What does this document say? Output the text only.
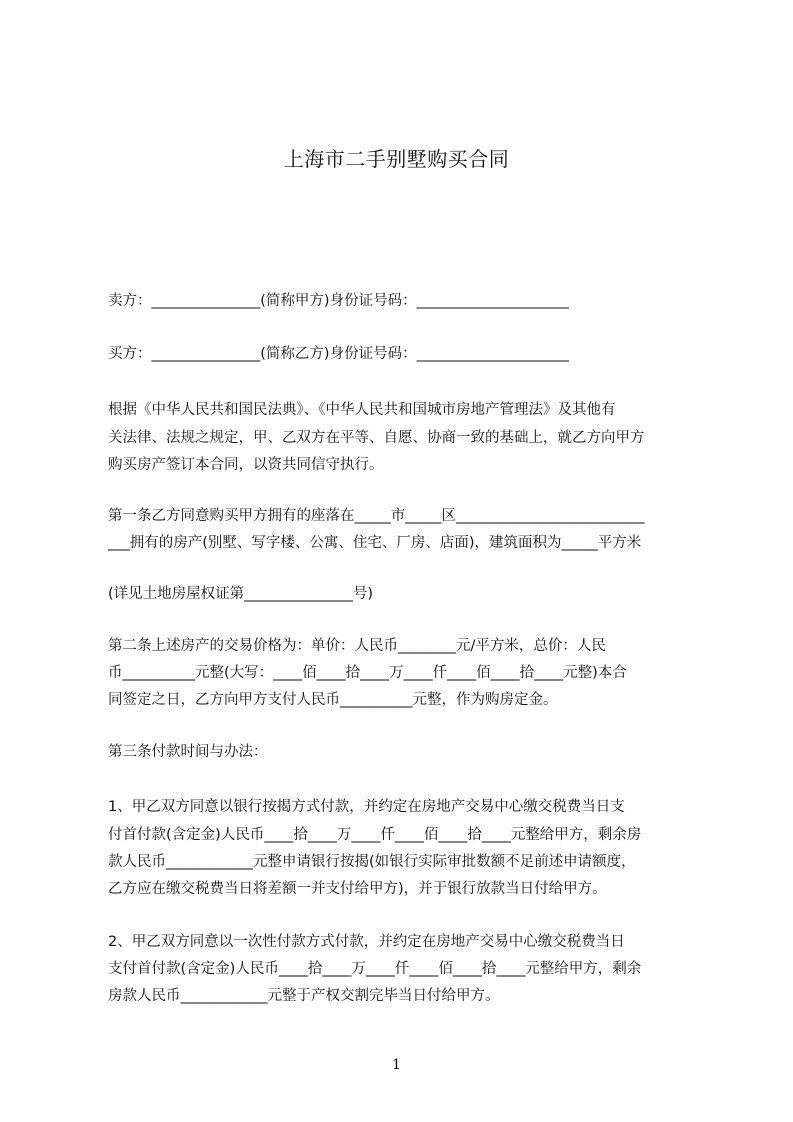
上海市二手别墅购买合同

卖方：_______________(简称甲方)身份证号码：_____________________

买方：_______________(简称乙方)身份证号码：_____________________

根据《中华人民共和国民法典》、《中华人民共和国城市房地产管理法》及其他有

关法律、法规之规定，甲、乙双方在平等、自愿、协商一致的基础上，就乙方向甲方

购买房产签订本合同，以资共同信守执行。

第一条乙方同意购买甲方拥有的座落在_____市_____区__________________________

___拥有的房产(别墅、写字楼、公寓、住宅、厂房、店面)，建筑面积为_____平方米

(详见土地房屋权证第_______________号)

第二条上述房产的交易价格为：单价：人民币________元/平方米，总价：人民

币__________元整(大写：____佰____拾____万____仟____佰____拾____元整)本合

同签定之日，乙方向甲方支付人民币__________元整，作为购房定金。

第三条付款时间与办法：

1、甲乙双方同意以银行按揭方式付款，并约定在房地产交易中心缴交税费当日支

付首付款(含定金)人民币____拾____万____仟____佰____拾____元整给甲方，剩余房

款人民币____________元整申请银行按揭(如银行实际审批数额不足前述申请额度，

乙方应在缴交税费当日将差额一并支付给甲方)，并于银行放款当日付给甲方。

2、甲乙双方同意以一次性付款方式付款，并约定在房地产交易中心缴交税费当日

支付首付款(含定金)人民币____拾____万____仟____佰____拾____元整给甲方，剩余

房款人民币____________元整于产权交割完毕当日付给甲方。

1
